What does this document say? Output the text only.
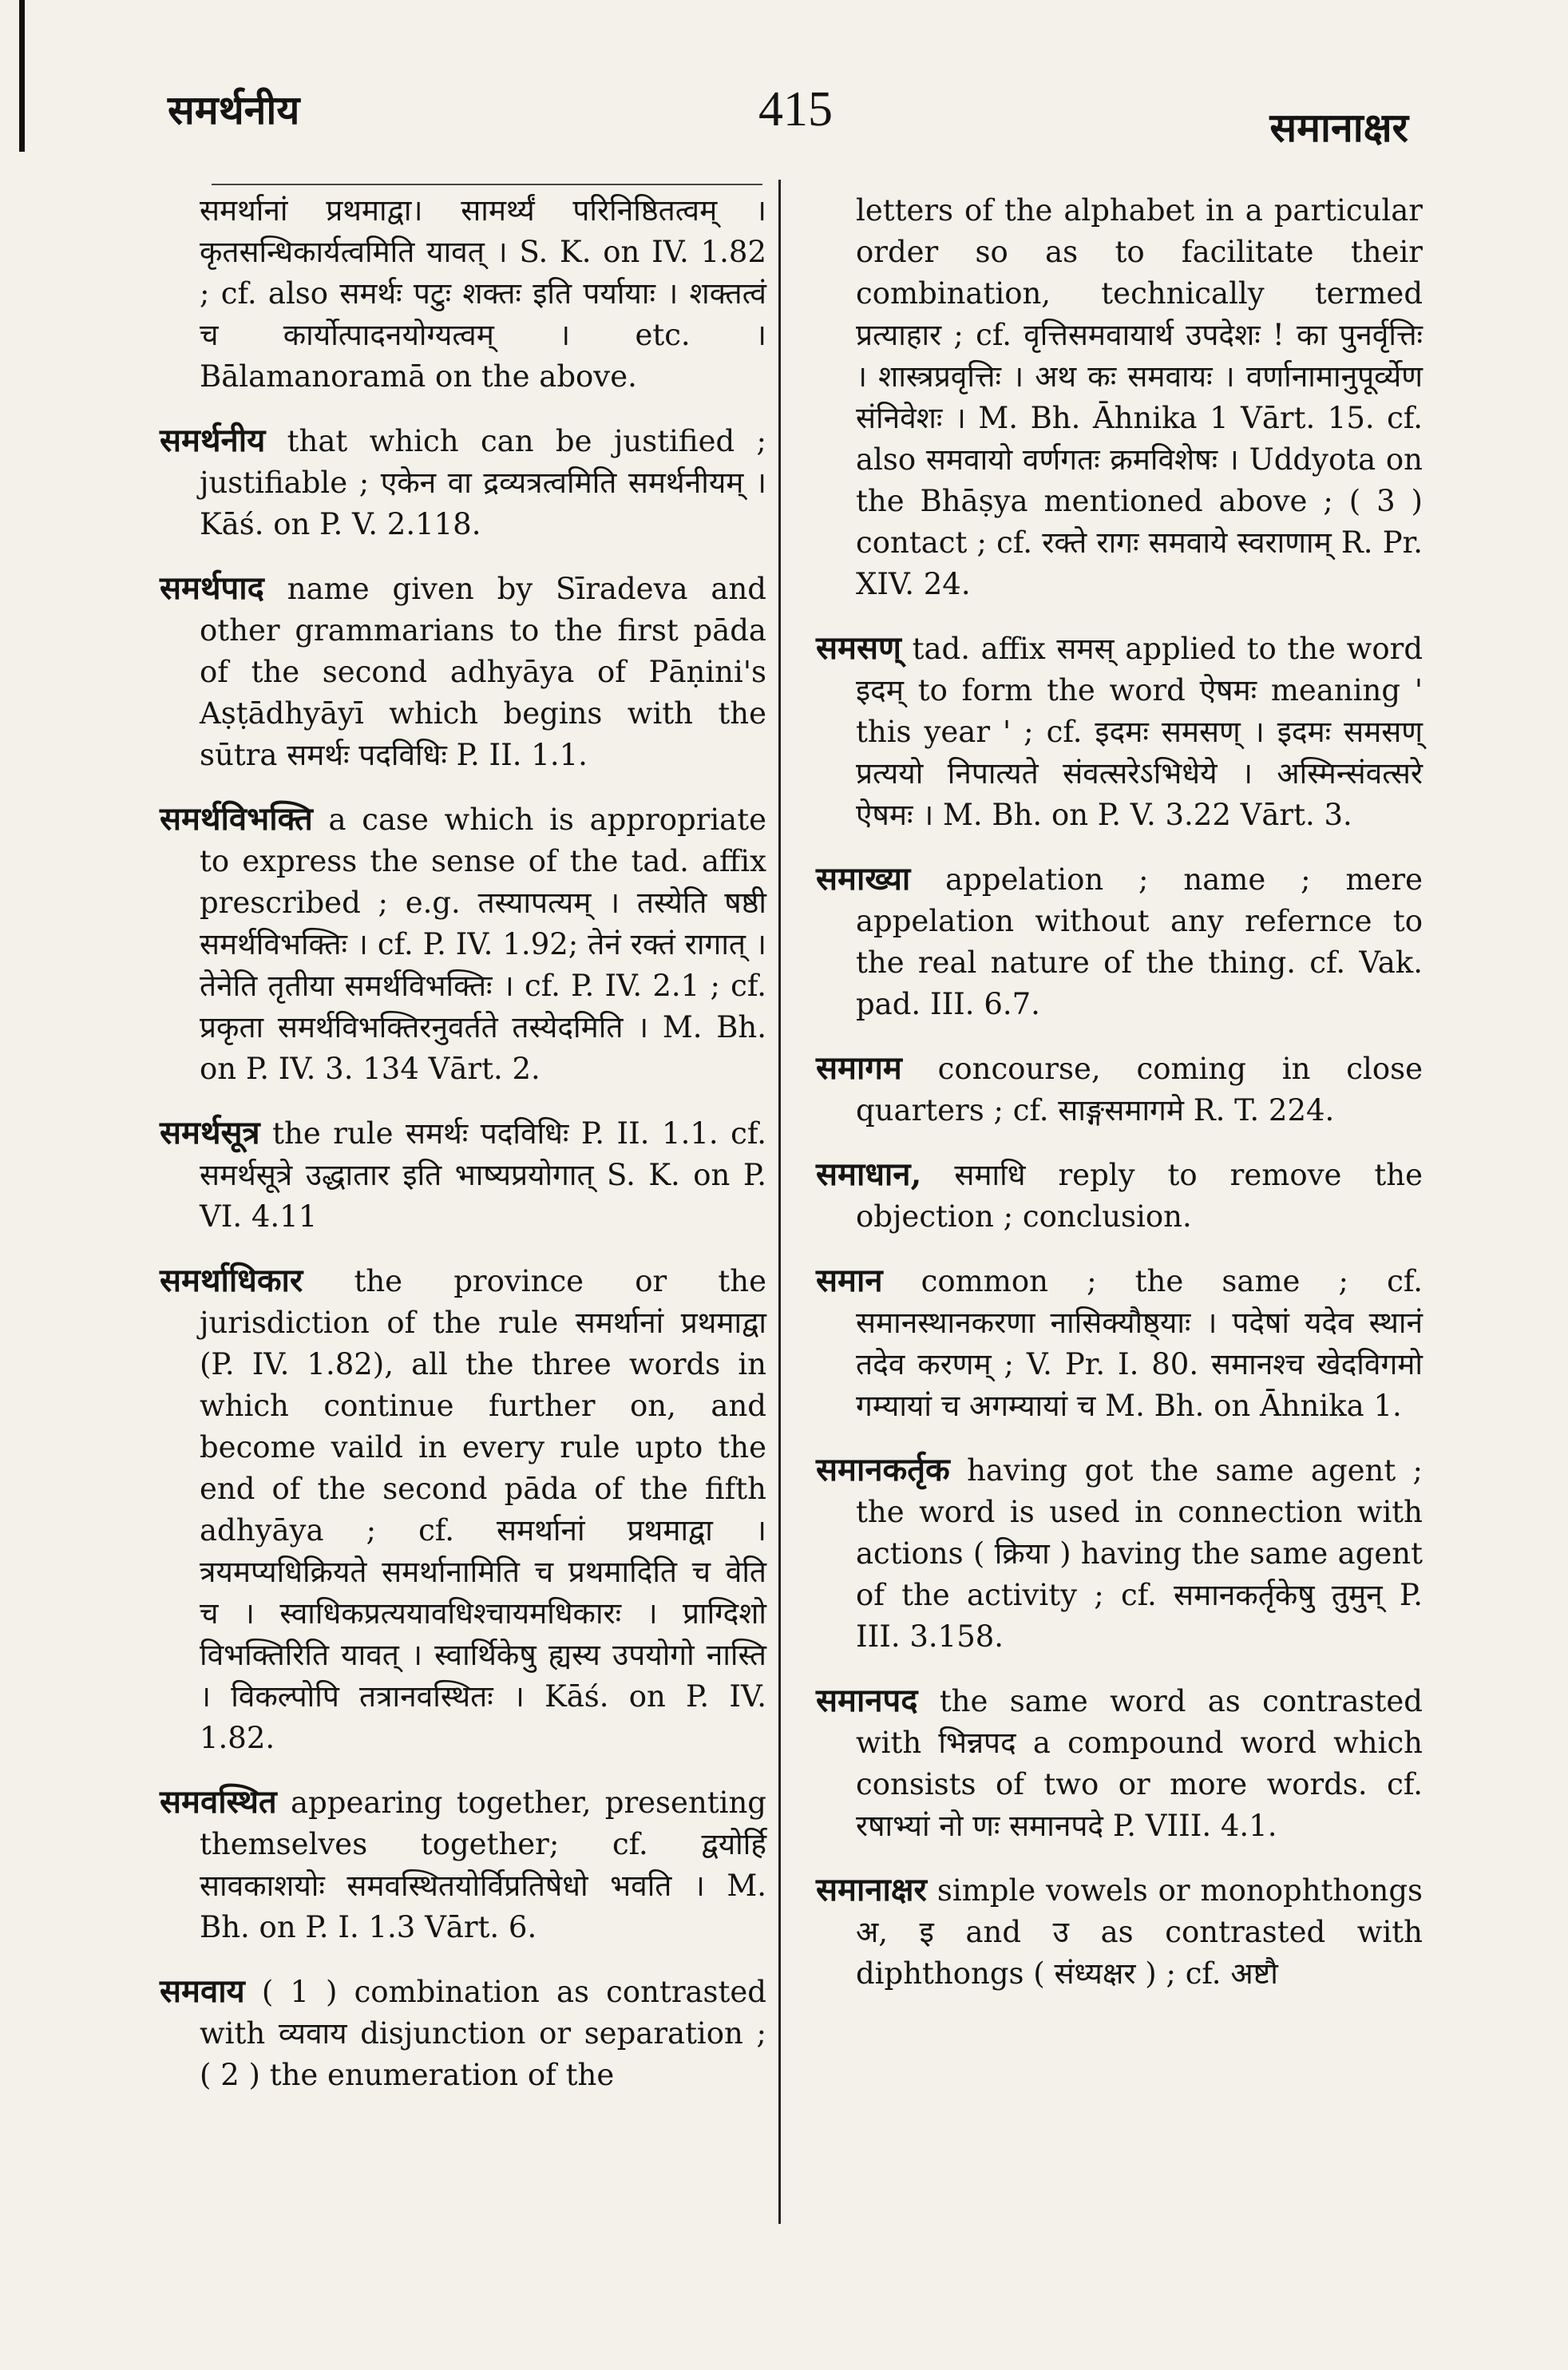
समर्थनीय	415	समानाक्षर

समर्थानां प्रथमाद्वा। सामर्थ्यं परिनिष्ठितत्वम् । कृतसन्धिकार्यत्वमिति यावत् । S. K. on IV. 1.82 ; cf. also समर्थः पटुः शक्तः इति पर्यायाः । शक्तत्वं च कार्योत्पादनयोग्यत्वम् । etc. । Bālamanoramā on the above.

समर्थनीय that which can be justified ; justifiable ; एकेन वा द्रव्यत्रत्वमिति समर्थनीयम् । Kāś. on P. V. 2.118.

समर्थपाद name given by Sīradeva and other grammarians to the first pāda of the second adhyāya of Pāṇini's Aṣṭādhyāyī which begins with the sūtra समर्थः पदविधिः P. II. 1.1.

समर्थविभक्ति a case which is appropriate to express the sense of the tad. affix prescribed ; e.g. तस्यापत्यम् । तस्येति षष्ठी समर्थविभक्तिः । cf. P. IV. 1.92; तेनं रक्तं रागात् । तेनेति तृतीया समर्थविभक्तिः । cf. P. IV. 2.1 ; cf. प्रकृता समर्थविभक्तिरनुवर्तते तस्येदमिति । M. Bh. on P. IV. 3. 134 Vārt. 2.

समर्थसूत्र the rule समर्थः पदविधिः P. II. 1.1. cf. समर्थसूत्रे उद्धातार इति भाष्यप्रयोगात् S. K. on P. VI. 4.11

समर्थाधिकार the province or the jurisdiction of the rule समर्थानां प्रथमाद्वा (P. IV. 1.82), all the three words in which continue further on, and become vaild in every rule upto the end of the second pāda of the fifth adhyāya ; cf. समर्थानां प्रथमाद्वा । त्रयमप्यधिक्रियते समर्थानामिति च प्रथमादिति च वेति च । स्वाधिकप्रत्ययावधिश्चायमधिकारः । प्राग्दिशो विभक्तिरिति यावत् । स्वार्थिकेषु ह्यस्य उपयोगो नास्ति । विकल्पोपि तत्रानवस्थितः । Kāś. on P. IV. 1.82.

समवस्थित appearing together, presenting themselves together; cf. द्वयोर्हि सावकाशयोः समवस्थितयोर्विप्रतिषेधो भवति । M. Bh. on P. I. 1.3 Vārt. 6.

समवाय ( 1 ) combination as contrasted with व्यवाय disjunction or separation ; ( 2 ) the enumeration of the

letters of the alphabet in a particular order so as to facilitate their combination, technically termed प्रत्याहार ; cf. वृत्तिसमवायार्थ उपदेशः ! का पुनर्वृत्तिः । शास्त्रप्रवृत्तिः । अथ कः समवायः । वर्णानामानुपूर्व्येण संनिवेशः । M. Bh. Āhnika 1 Vārt. 15. cf. also समवायो वर्णगतः क्रमविशेषः । Uddyota on the Bhāṣya mentioned above ; ( 3 ) contact ; cf. रक्ते रागः समवाये स्वराणाम् R. Pr. XIV. 24.

समसण् tad. affix समस् applied to the word इदम् to form the word ऐषमः meaning ' this year ' ; cf. इदमः समसण् । इदमः समसण् प्रत्ययो निपात्यते संवत्सरेऽभिधेये । अस्मिन्संवत्सरे ऐषमः । M. Bh. on P. V. 3.22 Vārt. 3.

समाख्या appelation ; name ; mere appelation without any refernce to the real nature of the thing. cf. Vak. pad. III. 6.7.

समागम concourse, coming in close quarters ; cf. साङ्गसमागमे R. T. 224.

समाधान, समाधि reply to remove the objection ; conclusion.

समान common ; the same ; cf. समानस्थानकरणा नासिक्यौष्ठ्याः । पदेषां यदेव स्थानं तदेव करणम् ; V. Pr. I. 80. समानश्च खेदविगमो गम्यायां च अगम्यायां च M. Bh. on Āhnika 1.

समानकर्तृक having got the same agent ; the word is used in connection with actions ( क्रिया ) having the same agent of the activity ; cf. समानकर्तृकेषु तुमुन् P. III. 3.158.

समानपद the same word as contrasted with भिन्नपद a compound word which consists of two or more words. cf. रषाभ्यां नो णः समानपदे P. VIII. 4.1.

समानाक्षर simple vowels or monophthongs अ, इ and उ as contrasted with diphthongs ( संध्यक्षर ) ; cf. अष्टौ
